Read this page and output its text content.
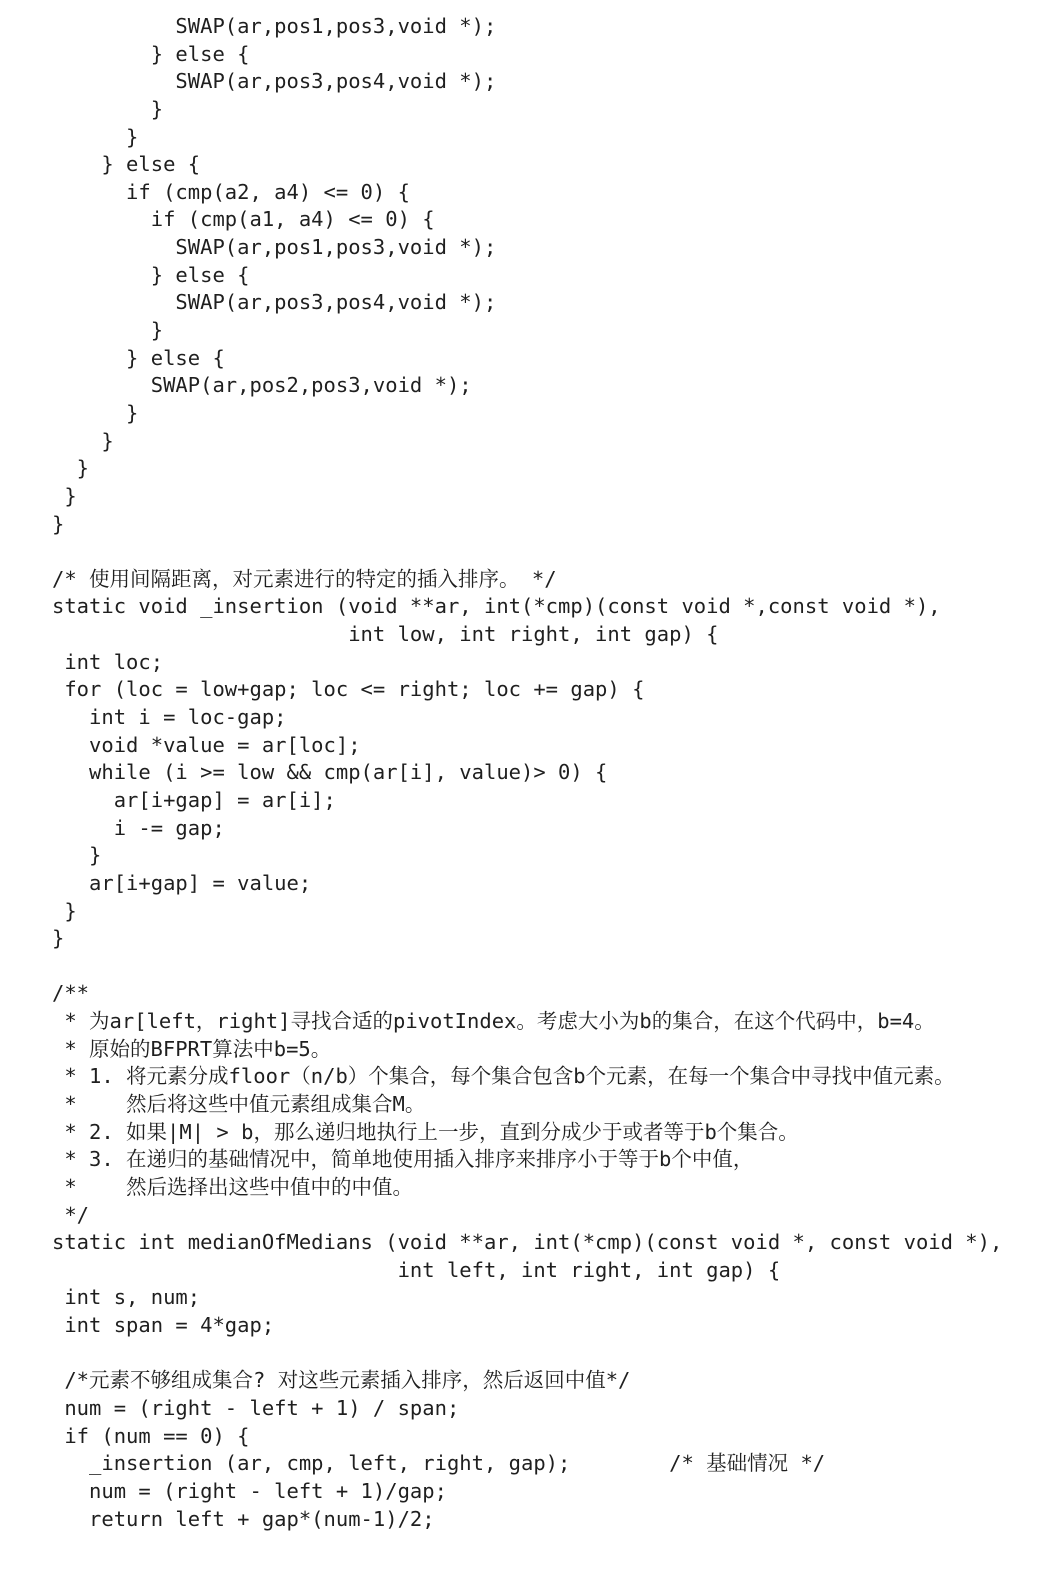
SWAP(ar,pos1,pos3,void *);
} else {
SWAP(ar,pos3,pos4,void *);
}
}
} else {
if (cmp(a2, a4) <= 0) {
if (cmp(a1, a4) <= 0) {
SWAP(ar,pos1,pos3,void *);
} else {
SWAP(ar,pos3,pos4,void *);
}
} else {
SWAP(ar,pos2,pos3,void *);
}
}
}
}
}
/* 使用间隔距离，对元素进行的特定的插入排序。 */
static void _insertion (void **ar, int(*cmp)(const void *,const void *),
int low, int right, int gap) {
int loc;
for (loc = low+gap; loc <= right; loc += gap) {
int i = loc-gap;
void *value = ar[loc];
while (i >= low && cmp(ar[i], value)> 0) {
ar[i+gap] = ar[i];
i -= gap;
}
ar[i+gap] = value;
}
}
/**
* 为ar[left，right]寻找合适的pivotIndex。考虑大小为b的集合，在这个代码中，b=4。
* 原始的BFPRT算法中b=5。
* 1. 将元素分成floor（n/b）个集合，每个集合包含b个元素，在每一个集合中寻找中值元素。
*    然后将这些中值元素组成集合M。
* 2. 如果|M| > b，那么递归地执行上一步，直到分成少于或者等于b个集合。
* 3. 在递归的基础情况中，简单地使用插入排序来排序小于等于b个中值，
*    然后选择出这些中值中的中值。
*/
static int medianOfMedians (void **ar, int(*cmp)(const void *, const void *),
int left, int right, int gap) {
int s, num;
int span = 4*gap;
/*元素不够组成集合? 对这些元素插入排序，然后返回中值*/
num = (right - left + 1) / span;
if (num == 0) {
_insertion (ar, cmp, left, right, gap);        /* 基础情况 */
num = (right - left + 1)/gap;
return left + gap*(num-1)/2;
